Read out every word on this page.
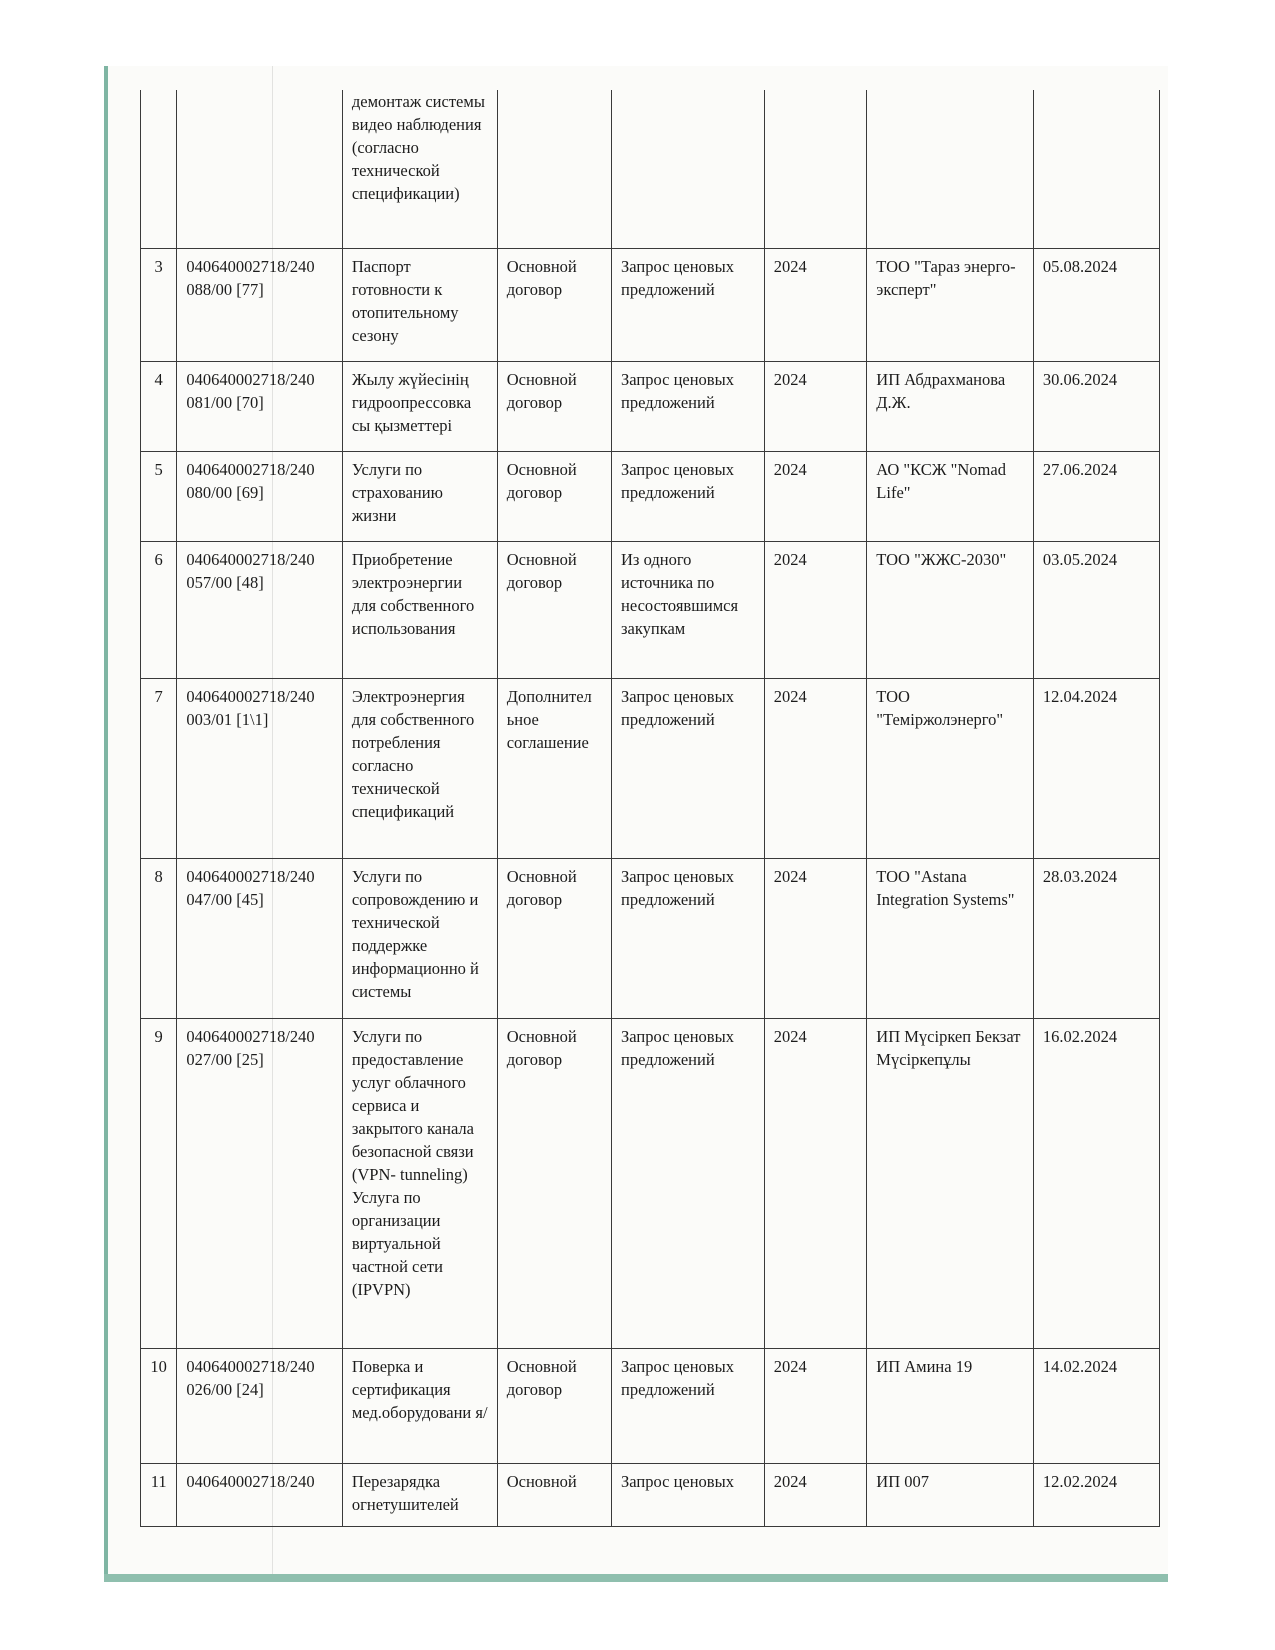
		демонтаж системы видео наблюдения (согласно технической спецификации)					
3	040640002718/240 088/00 [77]	Паспорт готовности к отопительному сезону	Основной договор	Запрос ценовых предложений	2024	ТОО "Тараз энерго-эксперт"	05.08.2024
4	040640002718/240 081/00 [70]	Жылу жүйесінің гидроопрессовка сы қызметтері	Основной договор	Запрос ценовых предложений	2024	ИП Абдрахманова Д.Ж.	30.06.2024
5	040640002718/240 080/00 [69]	Услуги по страхованию жизни	Основной договор	Запрос ценовых предложений	2024	АО "КСЖ "Nomad Life"	27.06.2024
6	040640002718/240 057/00 [48]	Приобретение электроэнергии для собственного использования	Основной договор	Из одного источника по несостоявшимся закупкам	2024	ТОО "ЖЖС-2030"	03.05.2024
7	040640002718/240 003/01 [1\1]	Электроэнергия для собственного потребления согласно технической спецификаций	Дополнител ьное соглашение	Запрос ценовых предложений	2024	ТОО "Теміржолэнерго"	12.04.2024
8	040640002718/240 047/00 [45]	Услуги по сопровождению и технической поддержке информационно й системы	Основной договор	Запрос ценовых предложений	2024	ТОО "Astana Integration Systems"	28.03.2024
9	040640002718/240 027/00 [25]	Услуги по предоставление услуг облачного сервиса и закрытого канала безопасной связи (VPN- tunneling) Услуга по организации виртуальной частной сети (IPVPN)	Основной договор	Запрос ценовых предложений	2024	ИП Мүсіркеп Бекзат Мүсіркепұлы	16.02.2024
10	040640002718/240 026/00 [24]	Поверка и сертификация мед.оборудовани я/	Основной договор	Запрос ценовых предложений	2024	ИП Амина 19	14.02.2024
11	040640002718/240	Перезарядка огнетушителей	Основной	Запрос ценовых	2024	ИП 007	12.02.2024
